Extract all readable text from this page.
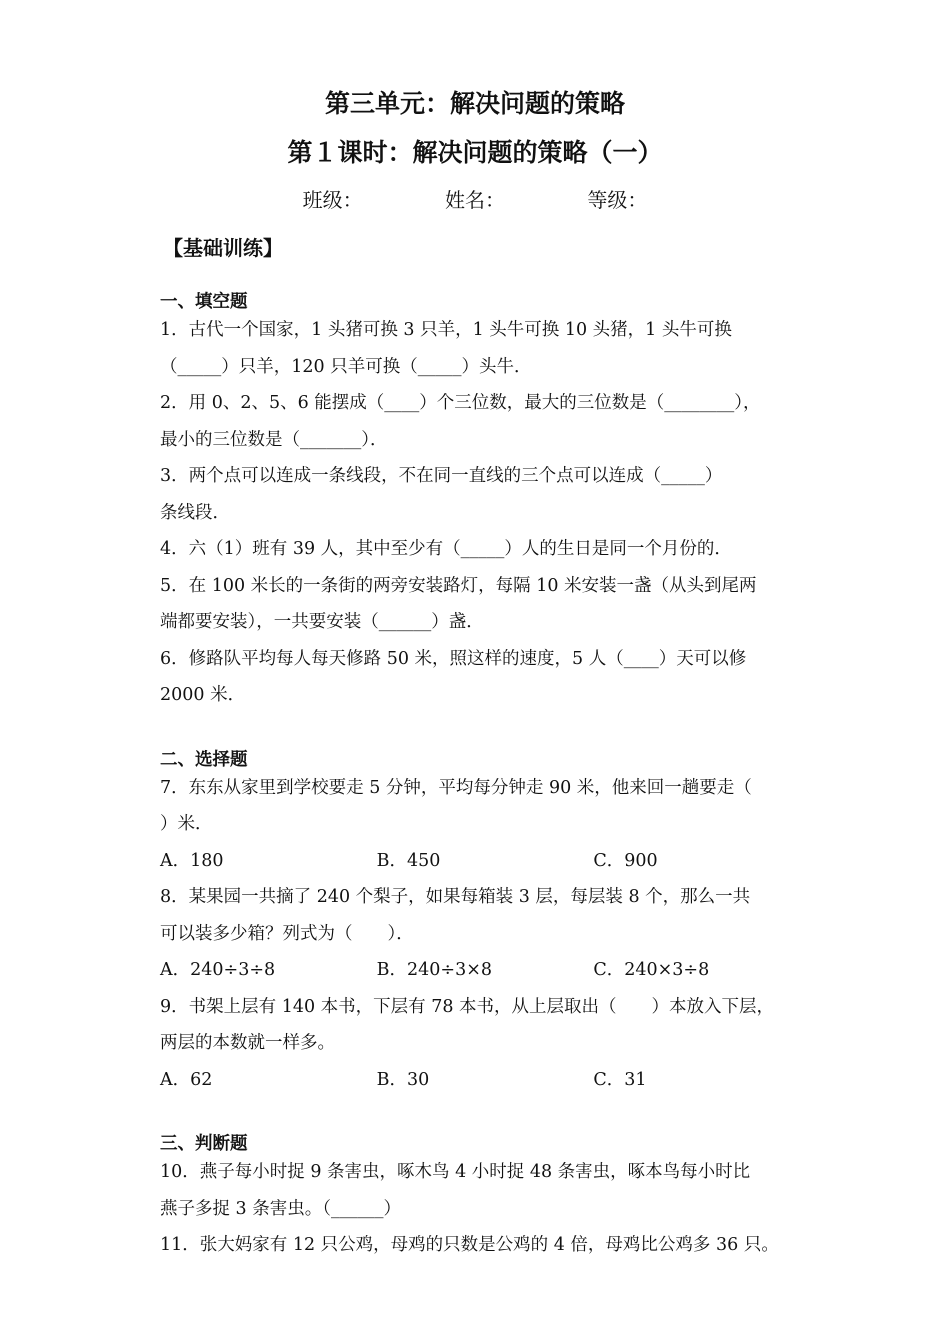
第三单元：解决问题的策略
第１课时：解决问题的策略（一）
班级：	姓名：	等级：
【基础训练】
一、填空题
1．古代一个国家，1 头猪可换 3 只羊，1 头牛可换 10 头猪，1 头牛可换
（_____）只羊，120 只羊可换（_____）头牛．
2．用 0、2、5、6 能摆成（____）个三位数，最大的三位数是（________），
最小的三位数是（_______）．
3．两个点可以连成一条线段，不在同一直线的三个点可以连成（_____）
条线段．
4．六（1）班有 39 人，其中至少有（_____）人的生日是同一个月份的．
5．在 100 米长的一条街的两旁安装路灯，每隔 10 米安装一盏（从头到尾两
端都要安装），一共要安装（______）盏．
6．修路队平均每人每天修路 50 米，照这样的速度，5 人（____）天可以修
2000 米．
二、选择题
7．东东从家里到学校要走 5 分钟，平均每分钟走 90 米，他来回一趟要走（
）米．
A．180	B．450	C．900
8．某果园一共摘了 240 个梨子，如果每箱装 3 层，每层装 8 个，那么一共
可以装多少箱？列式为（　　）．
A．240÷3÷8	B．240÷3×8	C．240×3÷8
9．书架上层有 140 本书，下层有 78 本书，从上层取出（　　）本放入下层，
两层的本数就一样多。
A．62	B．30	C．31
三、判断题
10．燕子每小时捉 9 条害虫，啄木鸟 4 小时捉 48 条害虫，啄本鸟每小时比
燕子多捉 3 条害虫。（______）
11．张大妈家有 12 只公鸡，母鸡的只数是公鸡的 4 倍，母鸡比公鸡多 36 只。
